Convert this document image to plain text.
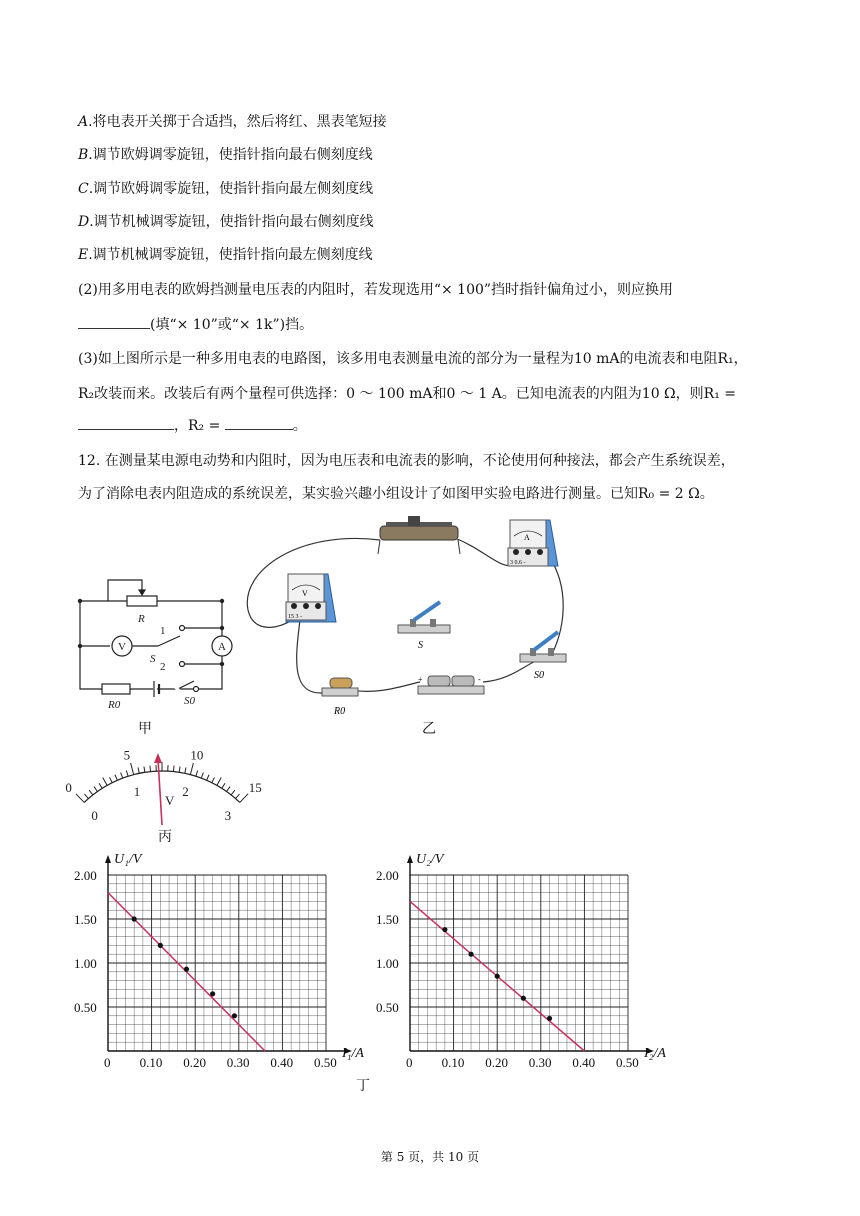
A.将电表开关掷于合适挡，然后将红、黑表笔短接
B.调节欧姆调零旋钮，使指针指向最右侧刻度线
C.调节欧姆调零旋钮，使指针指向最左侧刻度线
D.调节机械调零旋钮，使指针指向最右侧刻度线
E.调节机械调零旋钮，使指针指向最左侧刻度线
(2)用多用电表的欧姆挡测量电压表的内阻时，若发现选用“× 100”挡时指针偏角过小，则应换用
(填“× 10”或“× 1k”)挡。
(3)如上图所示是一种多用电表的电路图，该多用电表测量电流的部分为一量程为10 mA的电流表和电阻R₁，
R₂改装而来。改装后有两个量程可供选择：0 ～ 100 mA和0 ～ 1 A。已知电流表的内阻为10 Ω，则R₁ =
，R₂ =	。
12. 在测量某电源电动势和内阻时，因为电压表和电流表的影响，不论使用何种接法，都会产生系统误差，
为了消除电表内阻造成的系统误差，某实验兴趣小组设计了如图甲实验电路进行测量。已知R₀ = 2 Ω。
R
V	A
1
S
2
R0	S0
甲
A
3 0.6 -
V
15 3 -
S
S0
R0
+	-
乙
0
5	10
15
0
1	2
3
V
丙
0 0.10 0.20 0.30 0.40 0.50
0.50
1.00
1.50
2.00
U₁/V
I₁/A
0 0.10 0.20 0.30 0.40 0.50
0.50
1.00
1.50
2.00
U₂/V
I₂/A
丁
第 5 页，共 10 页
